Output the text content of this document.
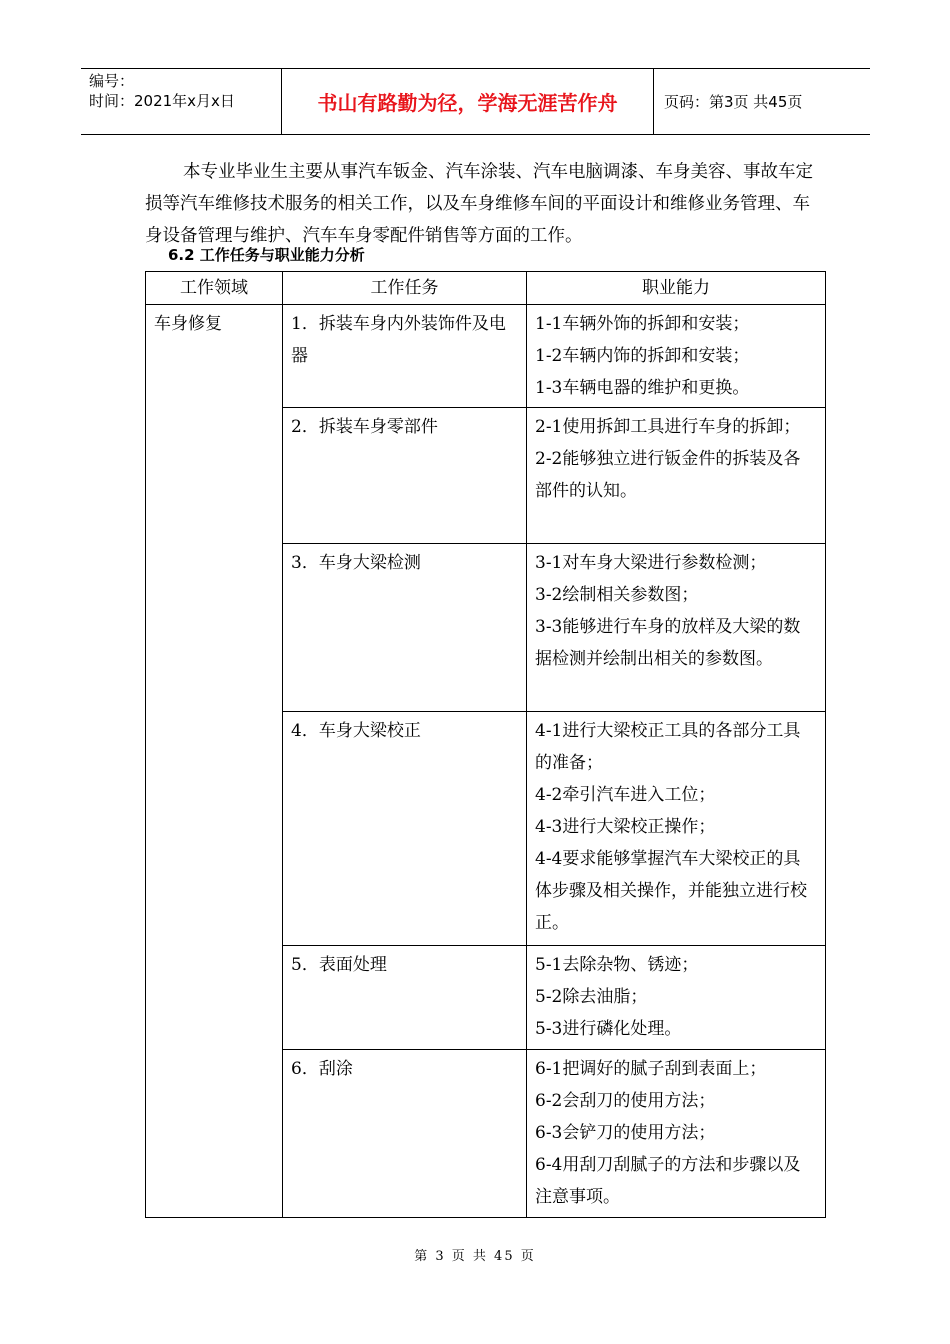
编号：
时间：2021年x月x日	书山有路勤为径，学海无涯苦作舟	页码：第3页 共45页
本专业毕业生主要从事汽车钣金、汽车涂装、汽车电脑调漆、车身美容、事故车定损等汽车维修技术服务的相关工作，以及车身维修车间的平面设计和维修业务管理、车身设备管理与维护、汽车车身零配件销售等方面的工作。
6.2 工作任务与职业能力分析
工作领域	工作任务	职业能力
车身修复	1．拆装车身内外装饰件及电器	1-1车辆外饰的拆卸和安装；
1-2车辆内饰的拆卸和安装；
1-3车辆电器的维护和更换。

	2．拆装车身零部件	2-1使用拆卸工具进行车身的拆卸；
2-2能够独立进行钣金件的拆装及各部件的认知。

	3．车身大梁检测	3-1对车身大梁进行参数检测；
3-2绘制相关参数图；
3-3能够进行车身的放样及大梁的数据检测并绘制出相关的参数图。

	4．车身大梁校正	4-1进行大梁校正工具的各部分工具的准备；
4-2牵引汽车进入工位；
4-3进行大梁校正操作；
4-4要求能够掌握汽车大梁校正的具体步骤及相关操作，并能独立进行校正。

	5．表面处理	5-1去除杂物、锈迹；
5-2除去油脂；
5-3进行磷化处理。

	6．刮涂	6-1把调好的腻子刮到表面上；
6-2会刮刀的使用方法；
6-3会铲刀的使用方法；
6-4用刮刀刮腻子的方法和步骤以及注意事项。
第 3 页 共 45 页
